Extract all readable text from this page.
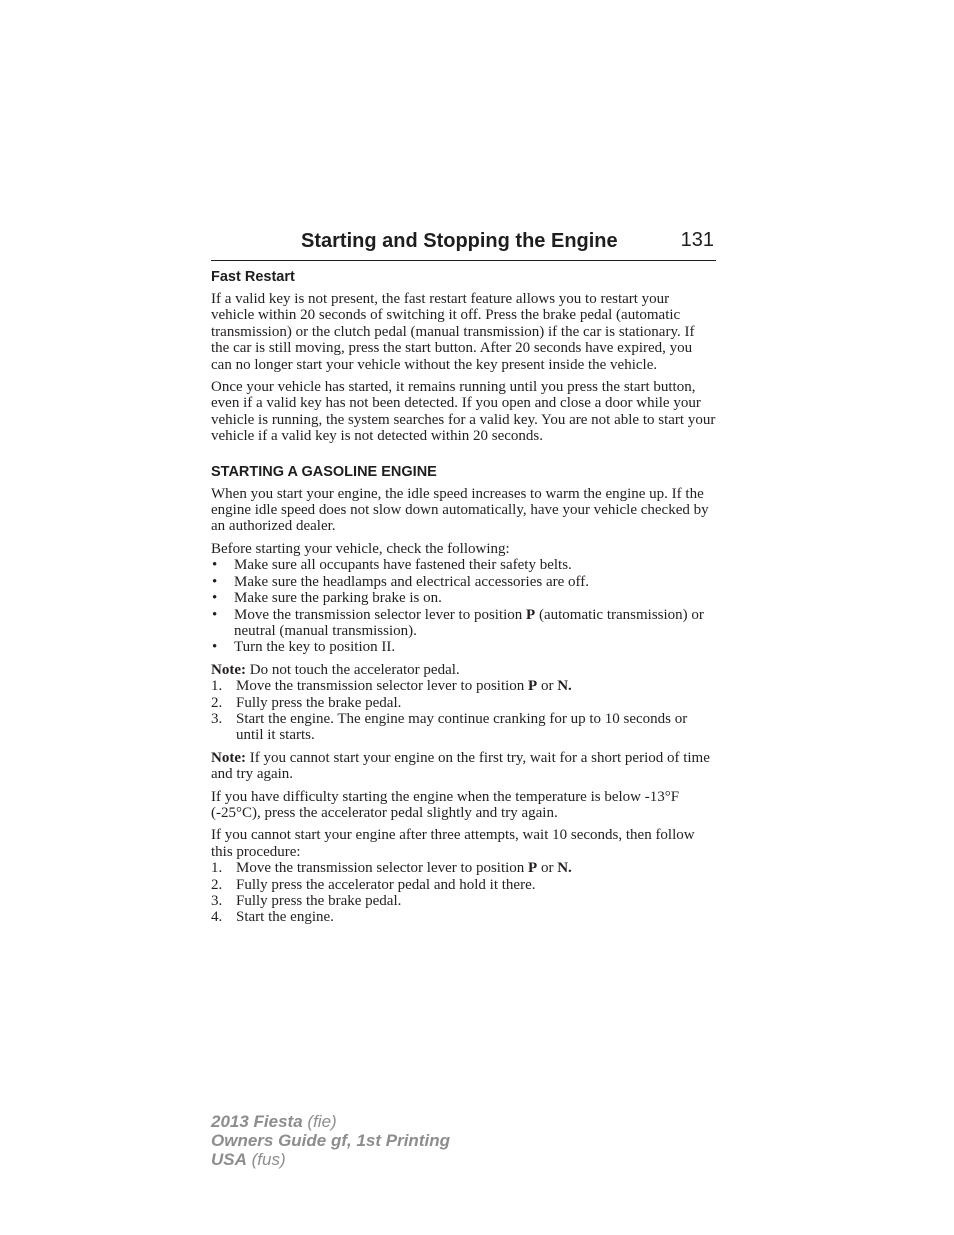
Starting and Stopping the Engine	131
Fast Restart

If a valid key is not present, the fast restart feature allows you to restart your vehicle within 20 seconds of switching it off. Press the brake pedal (automatic transmission) or the clutch pedal (manual transmission) if the car is stationary. If the car is still moving, press the start button. After 20 seconds have expired, you can no longer start your vehicle without the key present inside the vehicle.

Once your vehicle has started, it remains running until you press the start button, even if a valid key has not been detected. If you open and close a door while your vehicle is running, the system searches for a valid key. You are not able to start your vehicle if a valid key is not detected within 20 seconds.

STARTING A GASOLINE ENGINE

When you start your engine, the idle speed increases to warm the engine up. If the engine idle speed does not slow down automatically, have your vehicle checked by an authorized dealer.

Before starting your vehicle, check the following:
• Make sure all occupants have fastened their safety belts.
• Make sure the headlamps and electrical accessories are off.
• Make sure the parking brake is on.
• Move the transmission selector lever to position P (automatic transmission) or neutral (manual transmission).
• Turn the key to position II.
Note: Do not touch the accelerator pedal.
1. Move the transmission selector lever to position P or N.
2. Fully press the brake pedal.
3. Start the engine. The engine may continue cranking for up to 10 seconds or until it starts.

Note: If you cannot start your engine on the first try, wait for a short period of time and try again.

If you have difficulty starting the engine when the temperature is below -13°F (-25°C), press the accelerator pedal slightly and try again.

If you cannot start your engine after three attempts, wait 10 seconds, then follow this procedure:
1. Move the transmission selector lever to position P or N.
2. Fully press the accelerator pedal and hold it there.
3. Fully press the brake pedal.
4. Start the engine.
2013 Fiesta (fie)
Owners Guide gf, 1st Printing
USA (fus)
